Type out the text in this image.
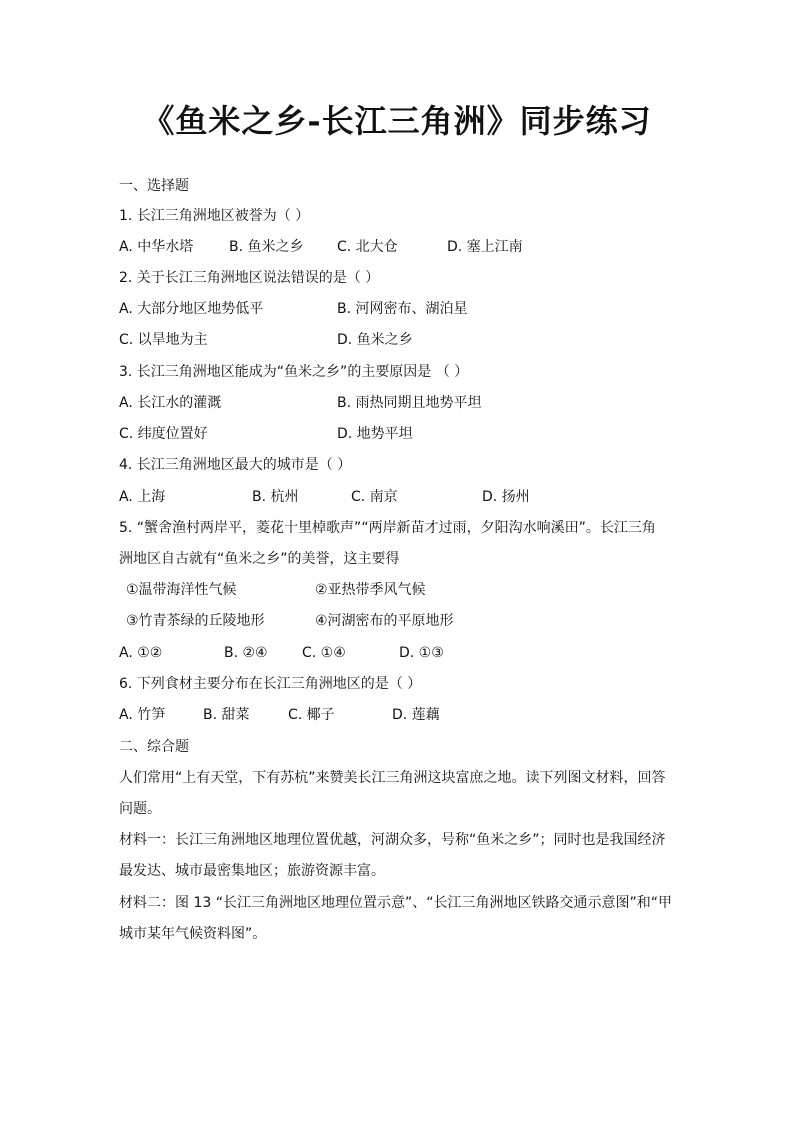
《鱼米之乡-长江三角洲》同步练习
一、选择题
1. 长江三角洲地区被誉为（ ）
A. 中华水塔	B. 鱼米之乡 C. 北大仓	D. 塞上江南
2. 关于长江三角洲地区说法错误的是（ ）
A. 大部分地区地势低平	B. 河网密布、湖泊星
C. 以旱地为主	D. 鱼米之乡
3. 长江三角洲地区能成为“鱼米之乡”的主要原因是 （ ）
A. 长江水的灌溉	B. 雨热同期且地势平坦
C. 纬度位置好	D. 地势平坦
4. 长江三角洲地区最大的城市是（ ）
A. 上海	B. 杭州	C. 南京	D. 扬州
5. “蟹舍渔村两岸平，菱花十里棹歌声”“两岸新苗才过雨，夕阳沟水响溪田”。长江三角
洲地区自古就有“鱼米之乡”的美誉，这主要得
①温带海洋性气候	②亚热带季风气候
③竹青茶绿的丘陵地形	④河湖密布的平原地形
A. ①②	B. ②④ C. ①④	D. ①③
6. 下列食材主要分布在长江三角洲地区的是（ ）
A. 竹笋	B. 甜菜	C. 椰子	D. 莲藕
二、综合题
人们常用“上有天堂，下有苏杭”来赞美长江三角洲这块富庶之地。读下列图文材料，回答
问题。
材料一：长江三角洲地区地理位置优越，河湖众多，号称“鱼米之乡”；同时也是我国经济
最发达、城市最密集地区；旅游资源丰富。
材料二：图 13 “长江三角洲地区地理位置示意”、“长江三角洲地区铁路交通示意图”和“甲
城市某年气候资料图”。
